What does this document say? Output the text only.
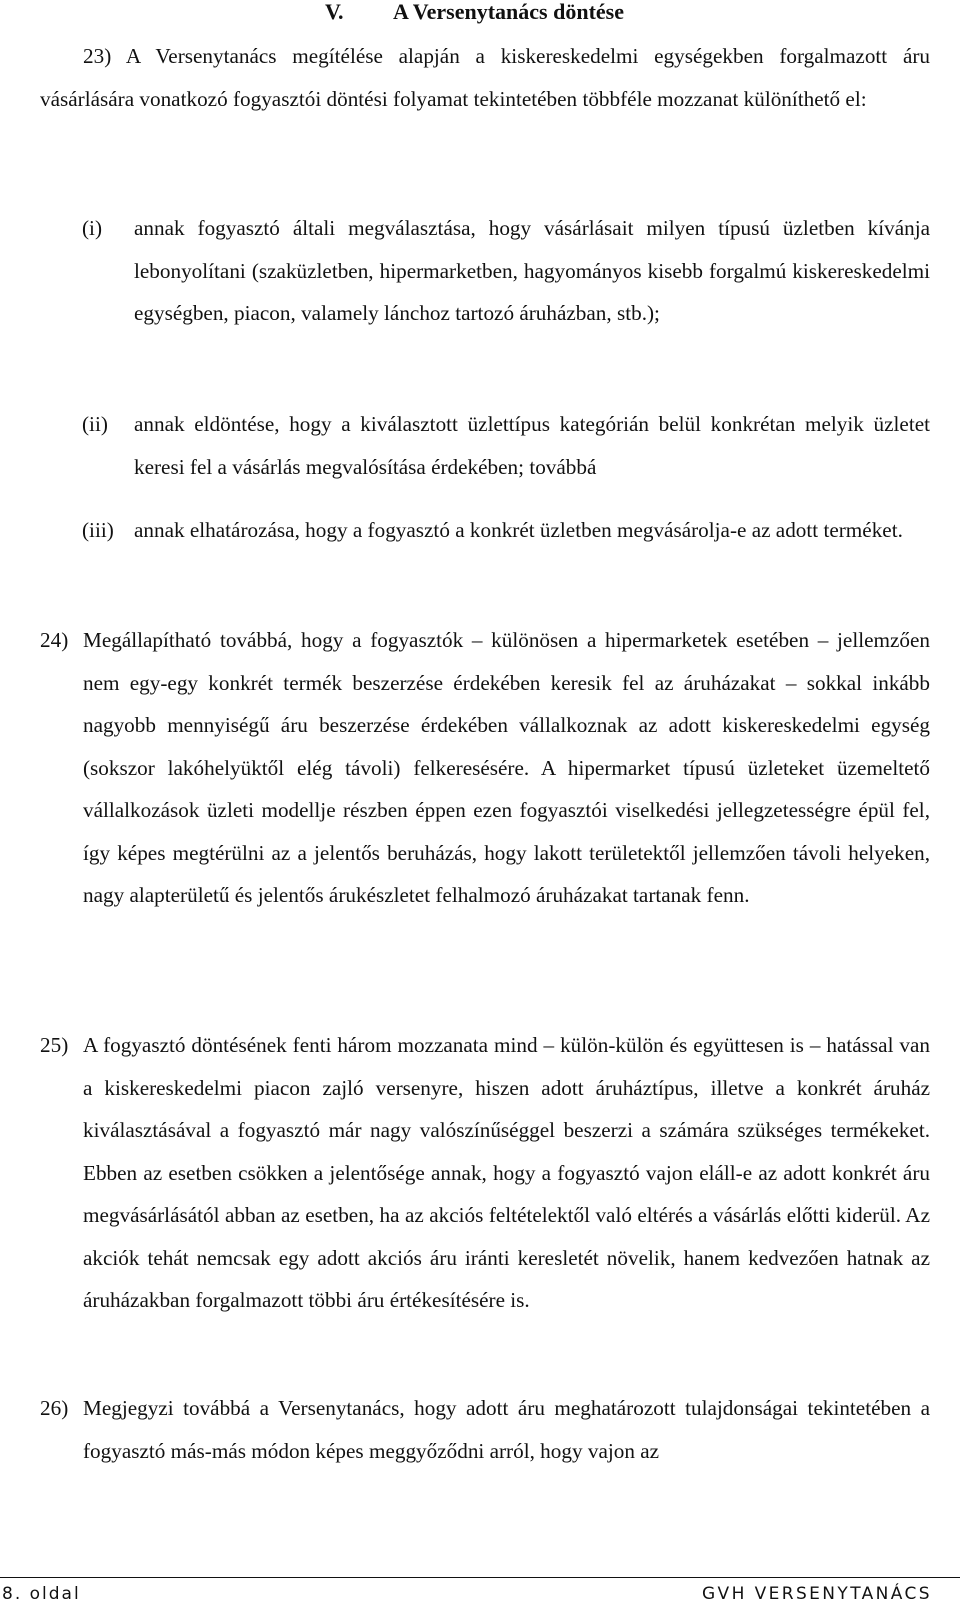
V. A Versenytanács döntése
23) A Versenytanács megítélése alapján a kiskereskedelmi egységekben forgalmazott áru vásárlására vonatkozó fogyasztói döntési folyamat tekintetében többféle mozzanat különíthető el:
(i) annak fogyasztó általi megválasztása, hogy vásárlásait milyen típusú üzletben kívánja lebonyolítani (szaküzletben, hipermarketben, hagyományos kisebb forgalmú kiskereskedelmi egységben, piacon, valamely lánchoz tartozó áruházban, stb.);
(ii) annak eldöntése, hogy a kiválasztott üzlettípus kategórián belül konkrétan melyik üzletet keresi fel a vásárlás megvalósítása érdekében; továbbá
(iii) annak elhatározása, hogy a fogyasztó a konkrét üzletben megvásárolja-e az adott terméket.
24) Megállapítható továbbá, hogy a fogyasztók – különösen a hipermarketek esetében – jellemzően nem egy-egy konkrét termék beszerzése érdekében keresik fel az áruházakat – sokkal inkább nagyobb mennyiségű áru beszerzése érdekében vállalkoznak az adott kiskereskedelmi egység (sokszor lakóhelyüktől elég távoli) felkeresésére. A hipermarket típusú üzleteket üzemeltető vállalkozások üzleti modellje részben éppen ezen fogyasztói viselkedési jellegzetességre épül fel, így képes megtérülni az a jelentős beruházás, hogy lakott területektől jellemzően távoli helyeken, nagy alapterületű és jelentős árukészletet felhalmozó áruházakat tartanak fenn.
25) A fogyasztó döntésének fenti három mozzanata mind – külön-külön és együttesen is – hatással van a kiskereskedelmi piacon zajló versenyre, hiszen adott áruháztípus, illetve a konkrét áruház kiválasztásával a fogyasztó már nagy valószínűséggel beszerzi a számára szükséges termékeket. Ebben az esetben csökken a jelentősége annak, hogy a fogyasztó vajon eláll-e az adott konkrét áru megvásárlásától abban az esetben, ha az akciós feltételektől való eltérés a vásárlás előtti kiderül. Az akciók tehát nemcsak egy adott akciós áru iránti keresletét növelik, hanem kedvezően hatnak az áruházakban forgalmazott többi áru értékesítésére is.
26) Megjegyzi továbbá a Versenytanács, hogy adott áru meghatározott tulajdonságai tekintetében a fogyasztó más-más módon képes meggyőződni arról, hogy vajon az
8. oldal	GVH VERSENYTANÁCS
